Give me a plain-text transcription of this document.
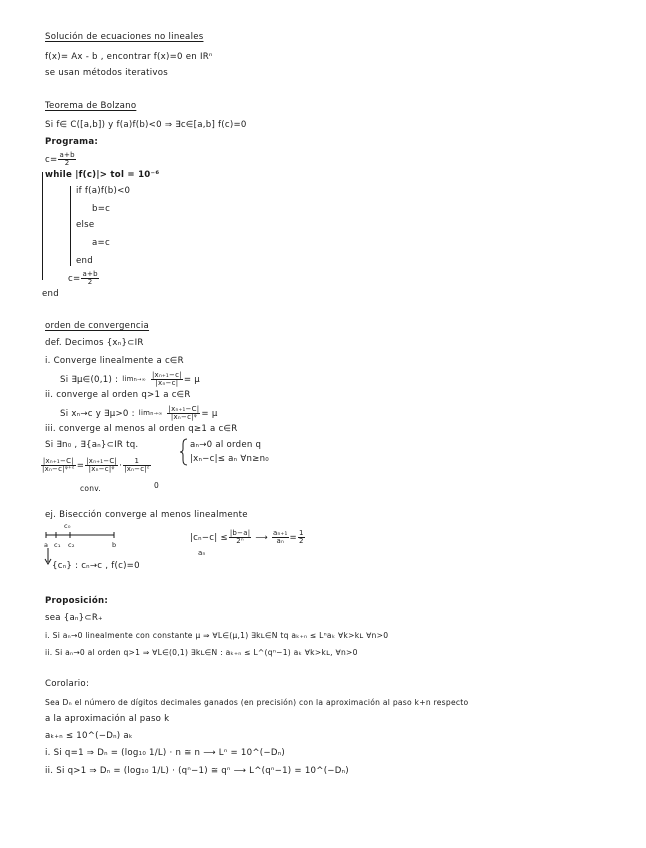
Solución de ecuaciones no lineales
f(x)= Ax - b , encontrar f(x)=0 en IRⁿ
se usan métodos iterativos
Teorema de Bolzano
Si f∈ C([a,b]) y f(a)f(b)<0 ⇒ ∃c∈[a,b] f(c)=0
Programa:
$c= \frac{a+b}{2}$
while |f(c)|> tol = 10⁻⁶
if f(a)f(b)<0
b=c
else
a=c
end
$c= \frac{a+b}{2}$
end
orden de convergencia
def. Decimos {xₙ}⊂IR
i. Converge linealmente a c∈R
Si ∃μ∈(0,1) : $\lim n\to\infty \frac{\text{|xₙ₊₁−c|}}{\text{|xₙ−c|}} = \mu$
ii. converge al orden q>1 a c∈R
Si xₙ→c y ∃μ>0 : $\lim n\to\infty \frac{\text{|xₙ₊₁−C|}}{\text{|xₙ−c|ᵠ}} = \mu$
iii. converge al menos al orden q≥1 a c∈R
Si ∃n₀ , ∃{aₙ}⊂IR tq.	aₙ→0 al orden q
|xₙ−c|≤ aₙ ∀n≥n₀
$\frac{\text{|xₙ₊₁−C|}}{\text{|xₙ−c|ᵠ⁺ᵋ}} = \frac{\text{|xₙ₊₁−C|}}{\text{|xₙ−c|ᵠ}} \cdot \frac{1}{\text{|xₙ−c|ᵋ}}$
conv.	0
ej. Bisección converge al menos linealmente
c₀
a c₁ c₂	b
$|c_n-c| \le \frac{|b-a|}{\text{2ⁿ}}$ ⟶ $\frac{\text{aₙ₊₁}}{\text{aₙ}} = \frac{1}{2}$
aₙ
{cₙ} : cₙ→c , f(c)=0
Proposición:
sea {aₙ}⊂R₊
i. Si aₙ→0 linealmente con constante μ ⇒ ∀L∈(μ,1) ∃kʟ∈N tq aₖ₊ₙ ≤ Lⁿaₖ ∀k>kʟ ∀n>0
ii. Si aₙ→0 al orden q>1 ⇒ ∀L∈(0,1) ∃kʟ∈N : aₖ₊ₙ ≤ L^(qⁿ−1) aₖ ∀k>kʟ, ∀n>0
Corolario:
Sea Dₙ el número de dígitos decimales ganados (en precisión) con la aproximación al paso k+n respecto
a la aproximación al paso k
aₖ₊ₙ ≤ 10^(−Dₙ) aₖ
i. Si q=1 ⇒ Dₙ = (log₁₀ 1/L) · n ≅ n ⟶ Lⁿ = 10^(−Dₙ)
ii. Si q>1 ⇒ Dₙ = (log₁₀ 1/L) · (qⁿ−1) ≅ qⁿ ⟶ L^(qⁿ−1) = 10^(−Dₙ)
